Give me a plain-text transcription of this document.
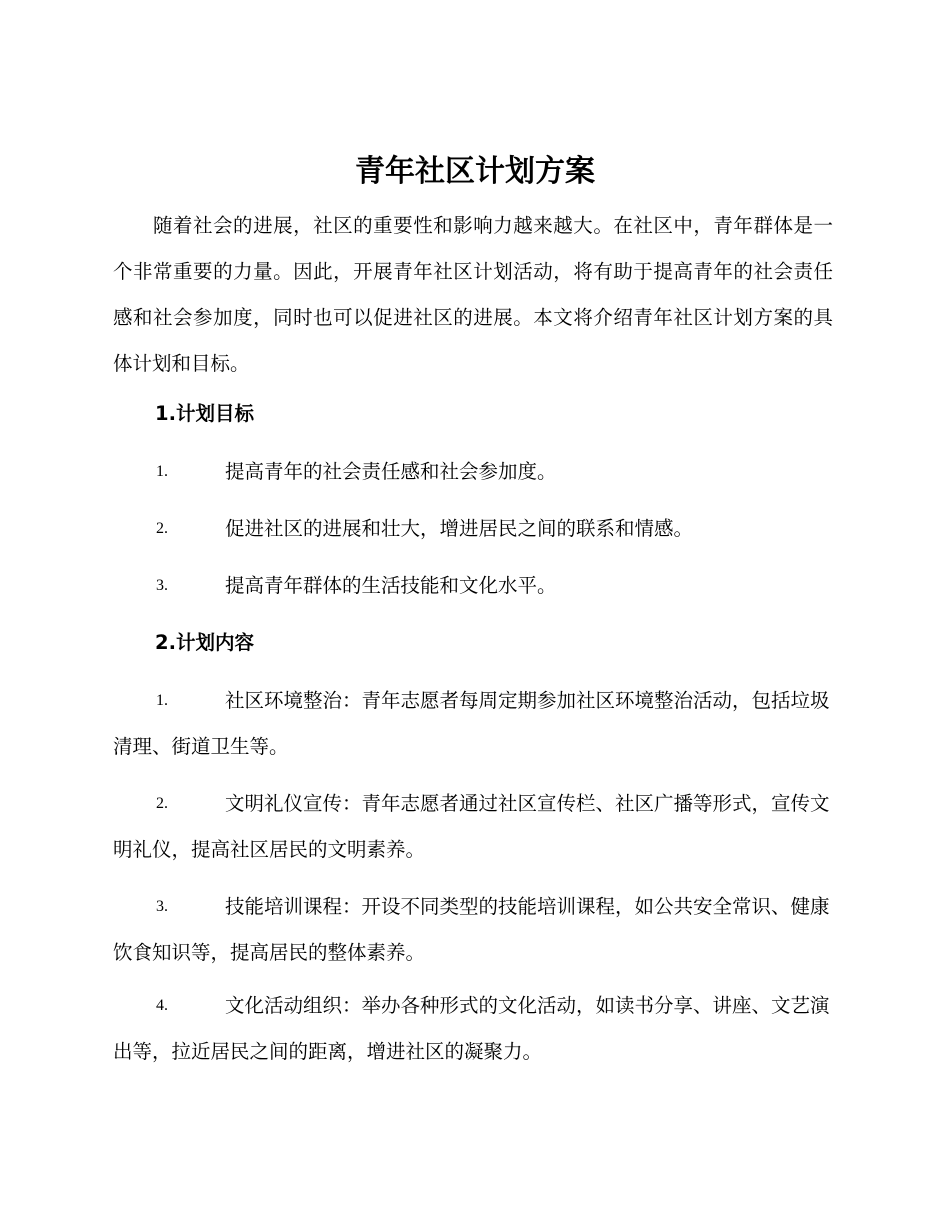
青年社区计划方案
随着社会的进展，社区的重要性和影响力越来越大。在社区中，青年群体是一个非常重要的力量。因此，开展青年社区计划活动，将有助于提高青年的社会责任感和社会参加度，同时也可以促进社区的进展。本文将介绍青年社区计划方案的具体计划和目标。
1.计划目标
1.	提高青年的社会责任感和社会参加度。
2.	促进社区的进展和壮大，增进居民之间的联系和情感。
3.	提高青年群体的生活技能和文化水平。
2.计划内容
1.	社区环境整治：青年志愿者每周定期参加社区环境整治活动，包括垃圾清理、街道卫生等。
2.	文明礼仪宣传：青年志愿者通过社区宣传栏、社区广播等形式，宣传文明礼仪，提高社区居民的文明素养。
3.	技能培训课程：开设不同类型的技能培训课程，如公共安全常识、健康饮食知识等，提高居民的整体素养。
4.	文化活动组织：举办各种形式的文化活动，如读书分享、讲座、文艺演出等，拉近居民之间的距离，增进社区的凝聚力。
